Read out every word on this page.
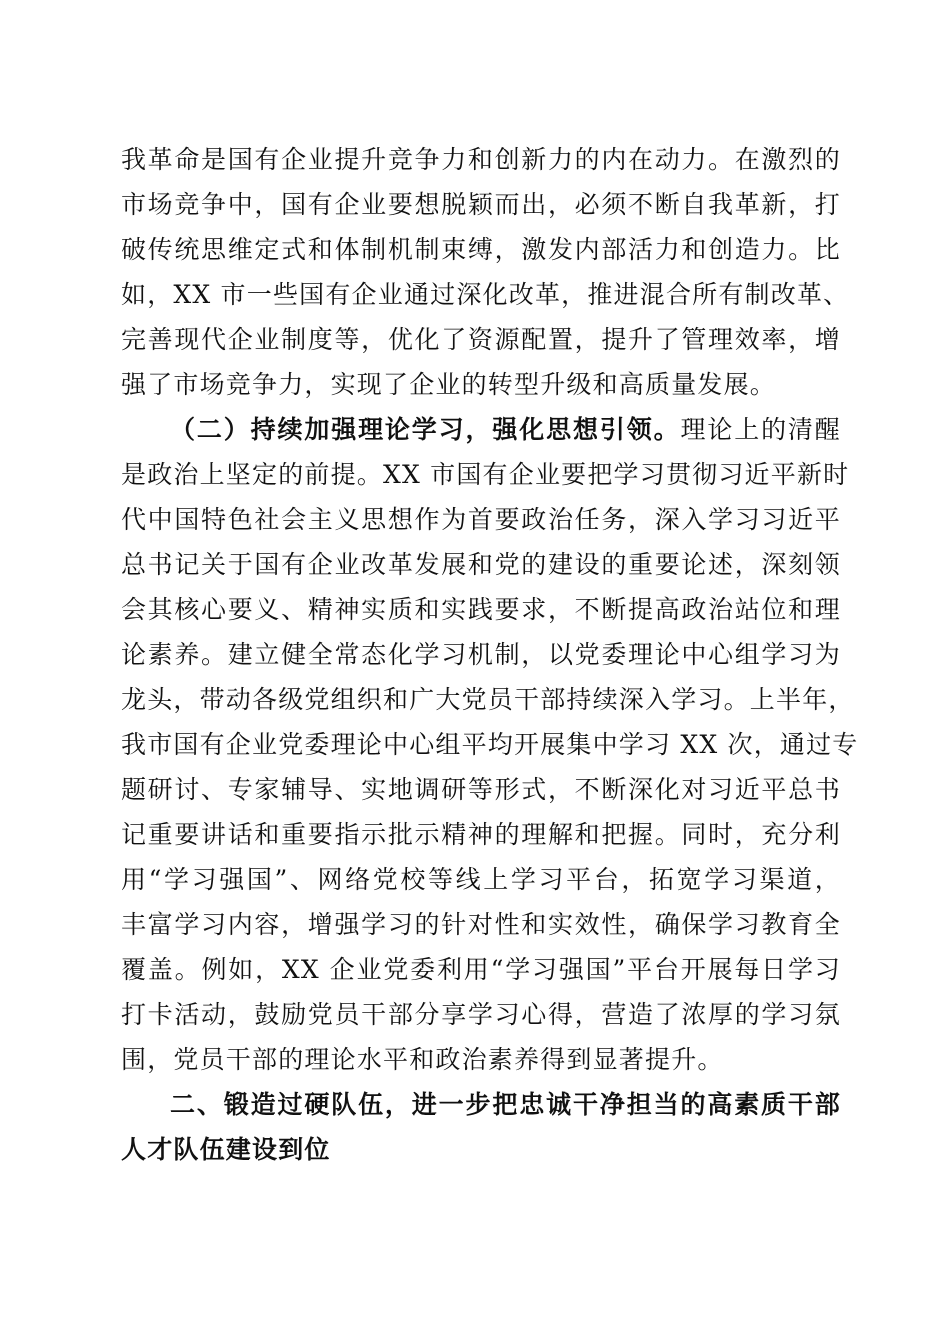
我革命是国有企业提升竞争力和创新力的内在动力。在激烈的
市场竞争中，国有企业要想脱颖而出，必须不断自我革新，打
破传统思维定式和体制机制束缚，激发内部活力和创造力。比
如，XX 市一些国有企业通过深化改革，推进混合所有制改革、
完善现代企业制度等，优化了资源配置，提升了管理效率，增
强了市场竞争力，实现了企业的转型升级和高质量发展。
（二）持续加强理论学习，强化思想引领。理论上的清醒
是政治上坚定的前提。XX 市国有企业要把学习贯彻习近平新时
代中国特色社会主义思想作为首要政治任务，深入学习习近平
总书记关于国有企业改革发展和党的建设的重要论述，深刻领
会其核心要义、精神实质和实践要求，不断提高政治站位和理
论素养。建立健全常态化学习机制，以党委理论中心组学习为
龙头，带动各级党组织和广大党员干部持续深入学习。上半年，
我市国有企业党委理论中心组平均开展集中学习 XX 次，通过专
题研讨、专家辅导、实地调研等形式，不断深化对习近平总书
记重要讲话和重要指示批示精神的理解和把握。同时，充分利
用“学习强国”、网络党校等线上学习平台，拓宽学习渠道，
丰富学习内容，增强学习的针对性和实效性，确保学习教育全
覆盖。例如，XX 企业党委利用“学习强国”平台开展每日学习
打卡活动，鼓励党员干部分享学习心得，营造了浓厚的学习氛
围，党员干部的理论水平和政治素养得到显著提升。
二、锻造过硬队伍，进一步把忠诚干净担当的高素质干部
人才队伍建设到位
